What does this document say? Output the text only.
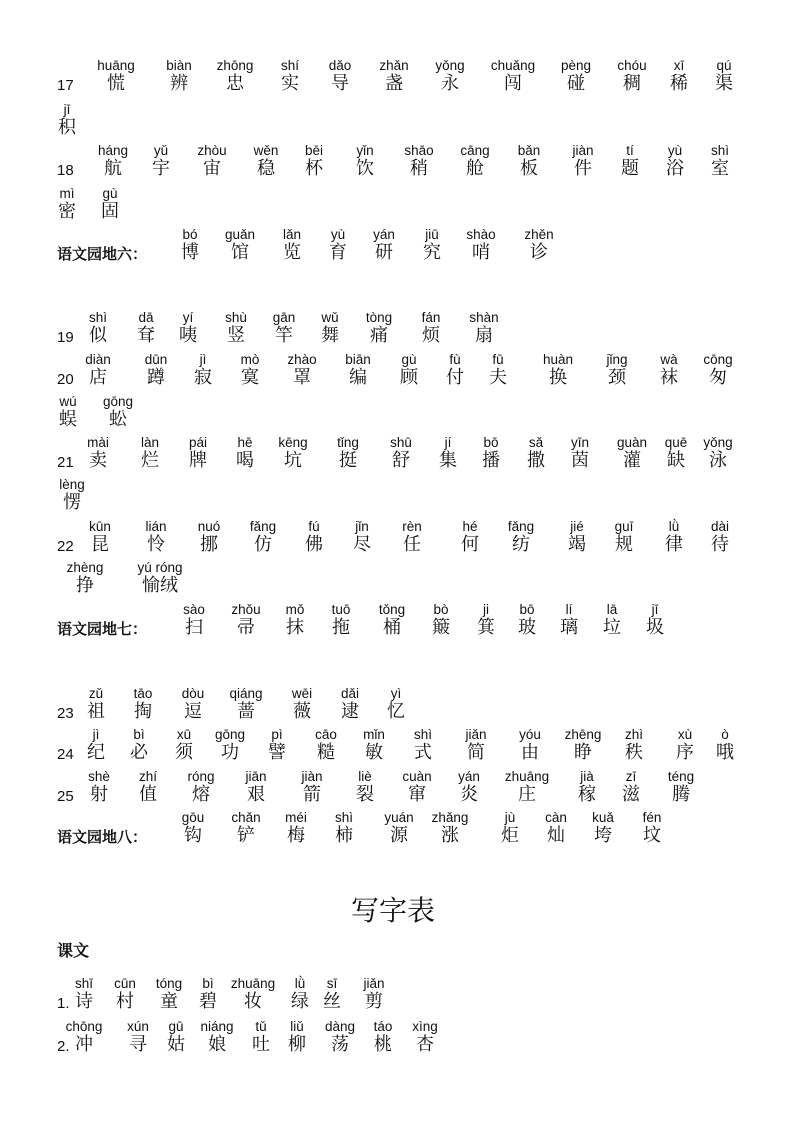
17
huāng
慌
biàn
辨
zhōng
忠
shí
实
dǎo
导
zhǎn
盏
yǒng
永
chuǎng
闯
pèng
碰
chóu
稠
xī
稀
qú
渠
jī
积
18
háng
航
yǔ
宇
zhòu
宙
wěn
稳
bēi
杯
yǐn
饮
shāo
稍
cāng
舱
bǎn
板
jiàn
件
tí
题
yù
浴
shì
室
mì
密
gù
固
语文园地六：
bó
博
guǎn
馆
lǎn
览
yù
育
yán
研
jiū
究
shào
哨
zhěn
诊
19
shì
似
dā
耷
yí
咦
shù
竖
gān
竿
wǔ
舞
tòng
痛
fán
烦
shàn
扇
20
diàn
店
dūn
蹲
jì
寂
mò
寞
zhào
罩
biān
编
gù
顾
fù
付
fū
夫
huàn
换
jǐng
颈
wà
袜
cōng
匆
wú
蜈
gōng
蚣
21
mài
卖
làn
烂
pái
牌
hē
喝
kēng
坑
tǐng
挺
shū
舒
jí
集
bō
播
sǎ
撒
yīn
茵
guàn
灌
quē
缺
yǒng
泳
lèng
愣
22
kūn
昆
lián
怜
nuó
挪
fǎng
仿
fú
佛
jǐn
尽
rèn
任
hé
何
fǎng
纺
jié
竭
guī
规
lǜ
律
dài
待
zhèng
挣
yú róng
愉绒
语文园地七：
sào
扫
zhǒu
帚
mǒ
抹
tuō
拖
tǒng
桶
bò
簸
ji
箕
bō
玻
lí
璃
lā
垃
jī
圾
23
zǔ
祖
tāo
掏
dòu
逗
qiáng
蔷
wēi
薇
dǎi
逮
yì
忆
24
jì
纪
bì
必
xū
须
gōng
功
pì
譬
cāo
糙
mǐn
敏
shì
式
jiǎn
简
yóu
由
zhēng
睁
zhì
秩
xù
序
ò
哦
25
shè
射
zhí
值
róng
熔
jiān
艰
jiàn
箭
liè
裂
cuàn
窜
yán
炎
zhuāng
庄
jià
稼
zī
滋
téng
腾
语文园地八：
gōu
钩
chǎn
铲
méi
梅
shì
柿
yuán
源
zhǎng
涨
jù
炬
càn
灿
kuǎ
垮
fén
坟
写字表
课文
1.
shī
诗
cūn
村
tóng
童
bì
碧
zhuāng
妆
lǜ
绿
sī
丝
jiǎn
剪
2.
chōng
冲
xún
寻
gū
姑
niáng
娘
tǔ
吐
liǔ
柳
dàng
荡
táo
桃
xìng
杏
